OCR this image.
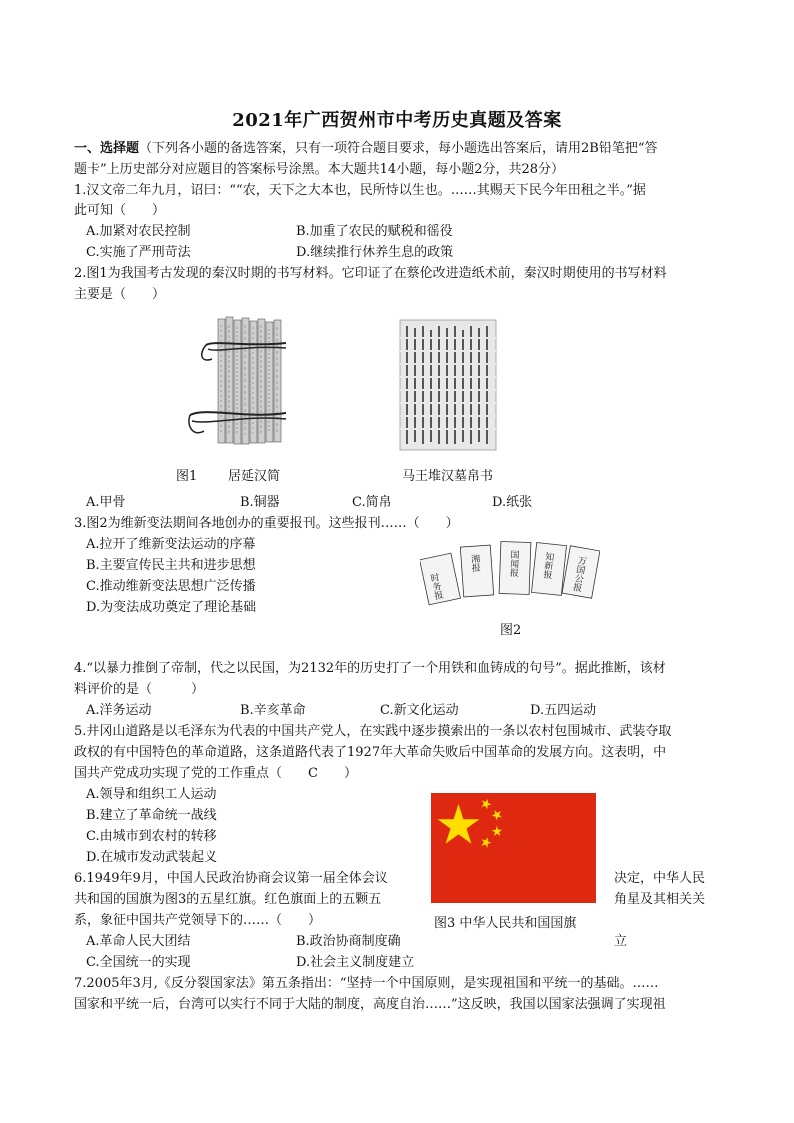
2021年广西贺州市中考历史真题及答案
一、选择题（下列各小题的备选答案，只有一项符合题目要求，每小题选出答案后，请用2B铅笔把“答
题卡”上历史部分对应题目的答案标号涂黑。本大题共14小题，每小题2分，共28分）
1.汉文帝二年九月，诏曰：““农，天下之大本也，民所恃以生也。……其赐天下民今年田租之半。”据
此可知（　　）
A.加紧对农民控制	B.加重了农民的赋税和徭役
C.实施了严刑苛法	D.继续推行休养生息的政策
2.图1为我国考古发现的秦汉时期的书写材料。它印证了在蔡伦改进造纸术前，秦汉时期使用的书写材料
主要是（　　）
图1 居延汉简	马王堆汉墓帛书
A.甲骨	B.铜器	C.简帛	D.纸张
3.图2为维新变法期间各地创办的重要报刊。这些报刊……（　　）
A.拉开了维新变法运动的序幕
B.主要宣传民主共和进步思想
C.推动维新变法思想广泛传播
D.为变法成功奠定了理论基础
时务报
湘报	国闻报 知新报 万国公报
图2
4.“以暴力推倒了帝制，代之以民国，为2132年的历史打了一个用铁和血铸成的句号”。据此推断，该材
料评价的是（　　　）
A.洋务运动	B.辛亥革命	C.新文化运动	D.五四运动
5.井冈山道路是以毛泽东为代表的中国共产党人，在实践中逐步摸索出的一条以农村包围城市、武装夺取
政权的有中国特色的革命道路，这条道路代表了1927年大革命失败后中国革命的发展方向。这表明，中
国共产党成功实现了党的工作重点（　　C　　）
A.领导和组织工人运动
B.建立了革命统一战线
C.由城市到农村的转移
D.在城市发动武装起义
6.1949年9月，中国人民政治协商会议第一届全体会议	决定，中华人民
共和国的国旗为图3的五星红旗。红色旗面上的五颗五	角星及其相关关
系，象征中国共产党领导下的……（　　）	图3 中华人民共和国国旗
A.革命人民大团结	B.政治协商制度确	立
C.全国统一的实现	D.社会主义制度建立
7.2005年3月,《反分裂国家法》第五条指出：“坚持一个中国原则，是实现祖国和平统一的基础。……
国家和平统一后，台湾可以实行不同于大陆的制度，高度自治……”这反映，我国以国家法强调了实现祖
